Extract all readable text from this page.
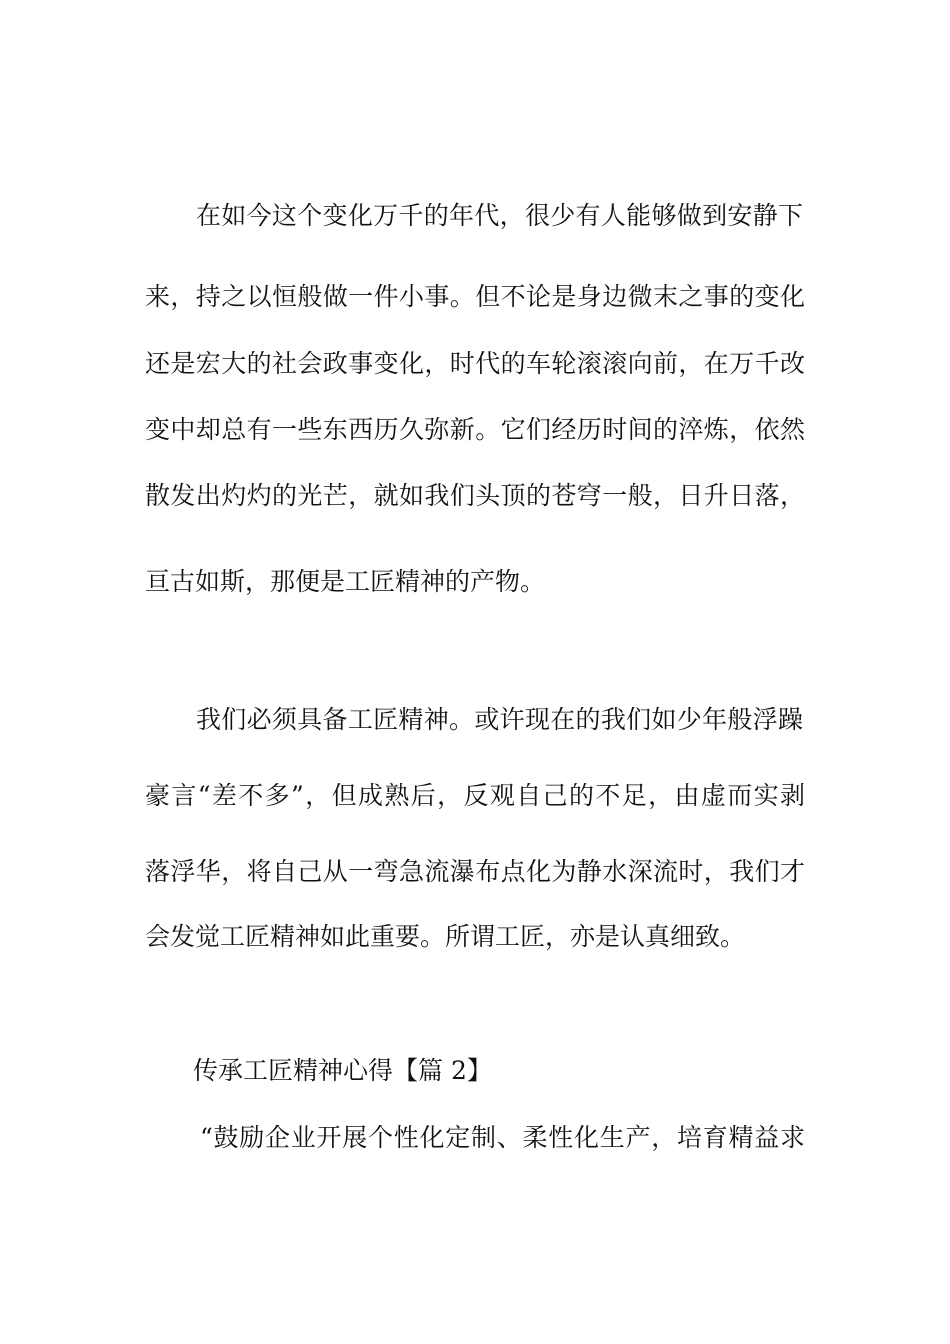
在如今这个变化万千的年代，很少有人能够做到安静下
来，持之以恒般做一件小事。但不论是身边微末之事的变化
还是宏大的社会政事变化，时代的车轮滚滚向前，在万千改
变中却总有一些东西历久弥新。它们经历时间的淬炼，依然
散发出灼灼的光芒，就如我们头顶的苍穹一般，日升日落，
亘古如斯，那便是工匠精神的产物。
我们必须具备工匠精神。或许现在的我们如少年般浮躁
豪言“差不多”，但成熟后，反观自己的不足，由虚而实剥
落浮华，将自己从一弯急流瀑布点化为静水深流时，我们才
会发觉工匠精神如此重要。所谓工匠，亦是认真细致。
传承工匠精神心得【篇 2】
“鼓励企业开展个性化定制、柔性化生产，培育精益求
